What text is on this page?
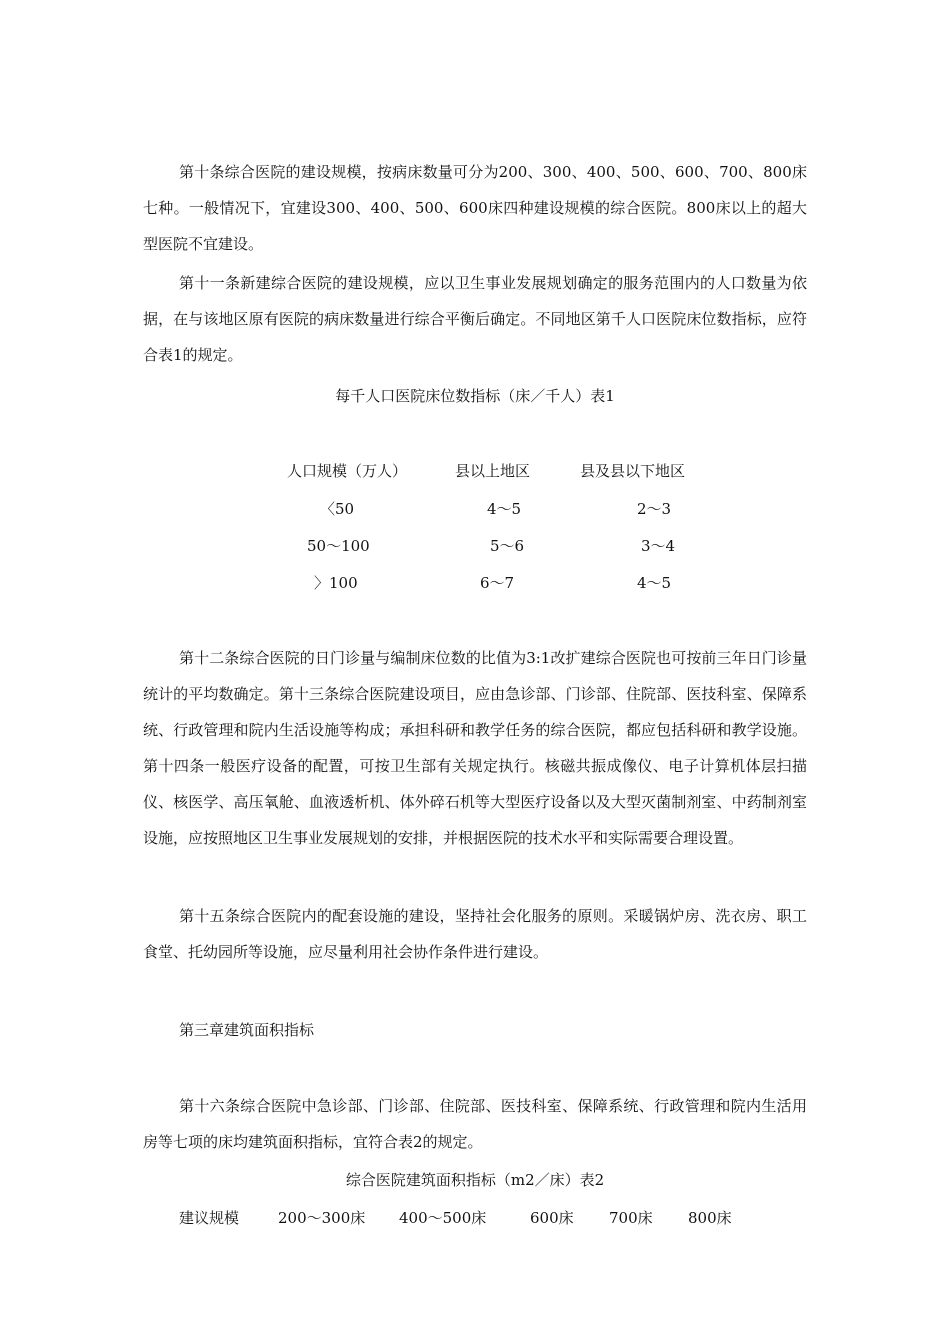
第十条综合医院的建设规模，按病床数量可分为200、300、400、500、600、700、800床七种。一般情况下，宜建设300、400、500、600床四种建设规模的综合医院。800床以上的超大型医院不宜建设。

第十一条新建综合医院的建设规模，应以卫生事业发展规划确定的服务范围内的人口数量为依据，在与该地区原有医院的病床数量进行综合平衡后确定。不同地区第千人口医院床位数指标，应符合表1的规定。

每千人口医院床位数指标（床／千人）表1

人口规模（万人）	县以上地区	县及县以下地区
〈50	4～5	2～3
50～100	5～6	3～4
〉100	6～7	4～5

第十二条综合医院的日门诊量与编制床位数的比值为3:1改扩建综合医院也可按前三年日门诊量统计的平均数确定。第十三条综合医院建设项目，应由急诊部、门诊部、住院部、医技科室、保障系统、行政管理和院内生活设施等构成；承担科研和教学任务的综合医院，都应包括科研和教学设施。第十四条一般医疗设备的配置，可按卫生部有关规定执行。核磁共振成像仪、电子计算机体层扫描仪、核医学、高压氧舱、血液透析机、体外碎石机等大型医疗设备以及大型灭菌制剂室、中药制剂室设施，应按照地区卫生事业发展规划的安排，并根据医院的技术水平和实际需要合理设置。

第十五条综合医院内的配套设施的建设，坚持社会化服务的原则。采暖锅炉房、洗衣房、职工食堂、托幼园所等设施，应尽量利用社会协作条件进行建设。

第三章建筑面积指标

第十六条综合医院中急诊部、门诊部、住院部、医技科室、保障系统、行政管理和院内生活用房等七项的床均建筑面积指标，宜符合表2的规定。

综合医院建筑面积指标（m2／床）表2

建议规模	200～300床 400～500床	600床 700床 800床
